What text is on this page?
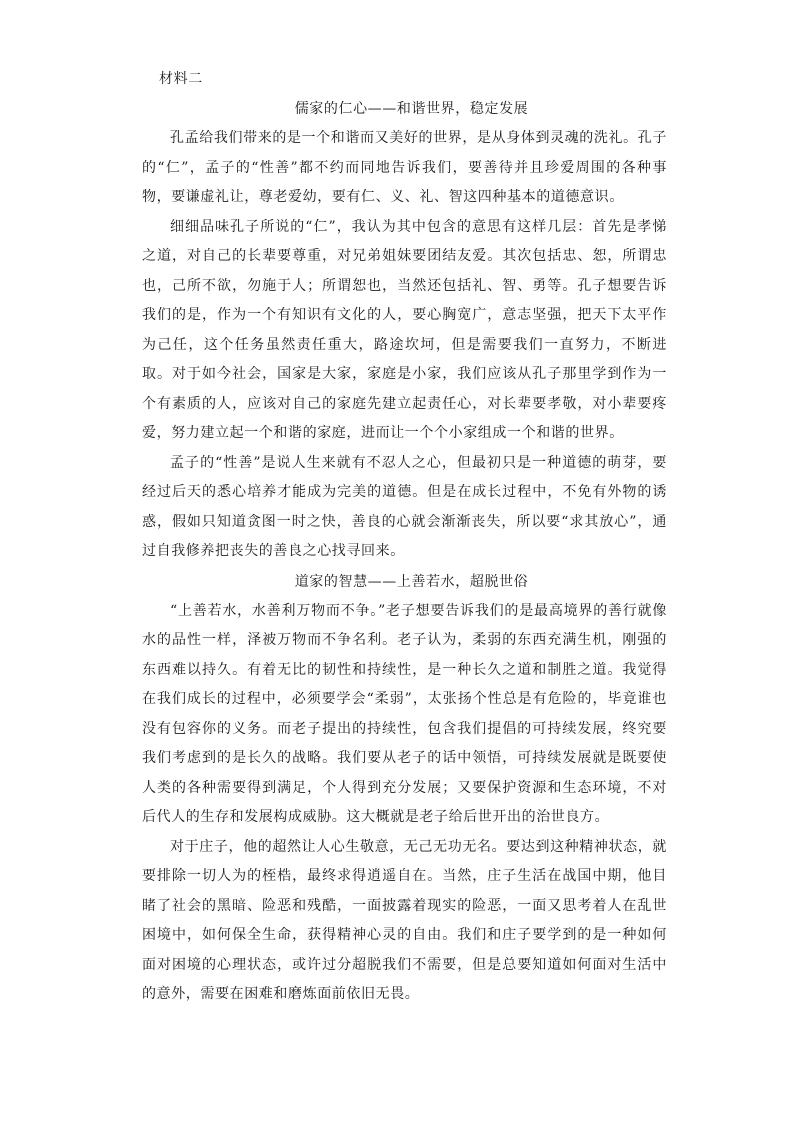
材料二

儒家的仁心——和谐世界，稳定发展

孔孟给我们带来的是一个和谐而又美好的世界，是从身体到灵魂的洗礼。孔子的“仁”，孟子的“性善”都不约而同地告诉我们，要善待并且珍爱周围的各种事物，要谦虚礼让，尊老爱幼，要有仁、义、礼、智这四种基本的道德意识。

细细品味孔子所说的“仁”，我认为其中包含的意思有这样几层：首先是孝悌之道，对自己的长辈要尊重，对兄弟姐妹要团结友爱。其次包括忠、恕，所谓忠也，己所不欲，勿施于人；所谓恕也，当然还包括礼、智、勇等。孔子想要告诉我们的是，作为一个有知识有文化的人，要心胸宽广，意志坚强，把天下太平作为己任，这个任务虽然责任重大，路途坎坷，但是需要我们一直努力，不断进取。对于如今社会，国家是大家，家庭是小家，我们应该从孔子那里学到作为一个有素质的人，应该对自己的家庭先建立起责任心，对长辈要孝敬，对小辈要疼爱，努力建立起一个和谐的家庭，进而让一个个小家组成一个和谐的世界。

孟子的“性善”是说人生来就有不忍人之心，但最初只是一种道德的萌芽，要经过后天的悉心培养才能成为完美的道德。但是在成长过程中，不免有外物的诱惑，假如只知道贪图一时之快，善良的心就会渐渐丧失，所以要“求其放心”，通过自我修养把丧失的善良之心找寻回来。

道家的智慧——上善若水，超脱世俗

“上善若水，水善利万物而不争。”老子想要告诉我们的是最高境界的善行就像水的品性一样，泽被万物而不争名利。老子认为，柔弱的东西充满生机，刚强的东西难以持久。有着无比的韧性和持续性，是一种长久之道和制胜之道。我觉得在我们成长的过程中，必须要学会“柔弱”，太张扬个性总是有危险的，毕竟谁也没有包容你的义务。而老子提出的持续性，包含我们提倡的可持续发展，终究要我们考虑到的是长久的战略。我们要从老子的话中领悟，可持续发展就是既要使人类的各种需要得到满足，个人得到充分发展；又要保护资源和生态环境，不对后代人的生存和发展构成威胁。这大概就是老子给后世开出的治世良方。

对于庄子，他的超然让人心生敬意，无己无功无名。要达到这种精神状态，就要排除一切人为的桎梏，最终求得逍遥自在。当然，庄子生活在战国中期，他目睹了社会的黑暗、险恶和残酷，一面披露着现实的险恶，一面又思考着人在乱世困境中，如何保全生命，获得精神心灵的自由。我们和庄子要学到的是一种如何面对困境的心理状态，或许过分超脱我们不需要，但是总要知道如何面对生活中的意外，需要在困难和磨炼面前依旧无畏。
